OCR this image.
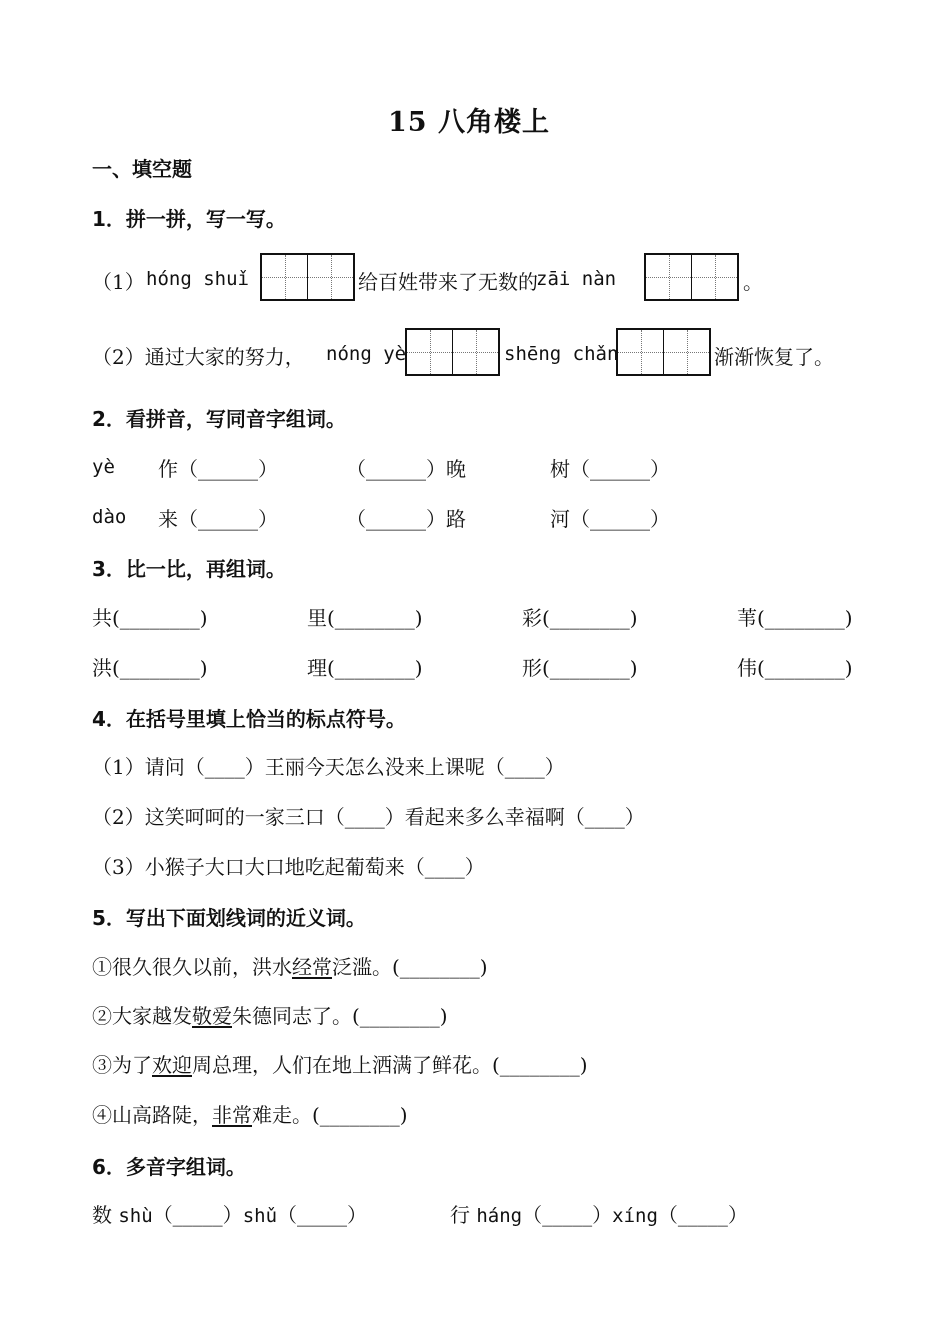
15 八角楼上
一、填空题
1．拼一拼，写一写。
（1） hóng shuǐ	给百姓带来了无数的
zāi nàn	。
（2）通过大家的努力， nóng yè	shēng chǎn	渐渐恢复了。
2．看拼音，写同音字组词。
yè 作（______）	（______）晚	树（______）
dào 来（______）	（______）路	河（______）
3．比一比，再组词。
共(________)	里(________)	彩(________)	苇(________)
洪(________)	理(________)	形(________)	伟(________)
4．在括号里填上恰当的标点符号。
（1）请问（____）王丽今天怎么没来上课呢（____）
（2）这笑呵呵的一家三口（____）看起来多么幸福啊（____）
（3）小猴子大口大口地吃起葡萄来（____）
5．写出下面划线词的近义词。
①很久很久以前，洪水经常泛滥。(________)
②大家越发敬爱朱德同志了。(________)
③为了欢迎周总理，人们在地上洒满了鲜花。(________)
④山高路陡，非常难走。(________)
6．多音字组词。
数 shù（_____）shǔ（_____）	行 háng（_____）xíng（_____）
